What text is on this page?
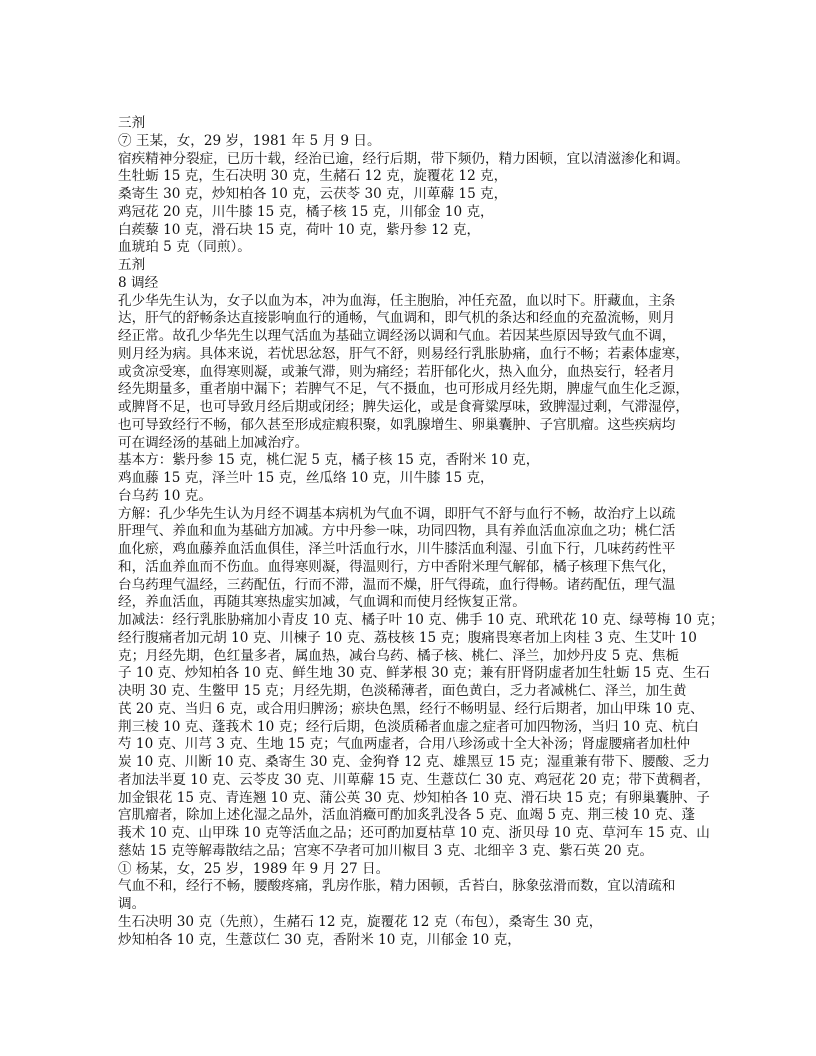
三剂
⑦ 王某，女，29 岁，1981 年 5 月 9 日。
宿疾精神分裂症，已历十载，经治已逾，经行后期，带下频仍，精力困顿，宜以清滋渗化和调。
生牡蛎 15 克，生石决明 30 克，生赭石 12 克，旋覆花 12 克，
桑寄生 30 克，炒知柏各 10 克，云茯苓 30 克，川萆薢 15 克，
鸡冠花 20 克，川牛膝 15 克，橘子核 15 克，川郁金 10 克，
白蒺藜 10 克，滑石块 15 克，荷叶 10 克，紫丹参 12 克，
血琥珀 5 克（同煎）。
五剂
8 调经
孔少华先生认为，女子以血为本，冲为血海，任主胞胎，冲任充盈，血以时下。肝藏血，主条
达，肝气的舒畅条达直接影响血行的通畅，气血调和，即气机的条达和经血的充盈流畅，则月
经正常。故孔少华先生以理气活血为基础立调经汤以调和气血。若因某些原因导致气血不调，
则月经为病。具体来说，若忧思忿怒，肝气不舒，则易经行乳胀胁痛，血行不畅；若素体虚寒，
或贪凉受寒，血得寒则凝，或兼气滞，则为痛经；若肝郁化火，热入血分，血热妄行，轻者月
经先期量多，重者崩中漏下；若脾气不足，气不摄血，也可形成月经先期，脾虚气血生化乏源，
或脾肾不足，也可导致月经后期或闭经；脾失运化，或是食膏粱厚味，致脾湿过剩，气滞湿停，
也可导致经行不畅，郁久甚至形成症瘕积聚，如乳腺增生、卵巢囊肿、子宫肌瘤。这些疾病均
可在调经汤的基础上加减治疗。
基本方：紫丹参 15 克，桃仁泥 5 克，橘子核 15 克，香附米 10 克，
鸡血藤 15 克，泽兰叶 15 克，丝瓜络 10 克，川牛膝 15 克，
台乌药 10 克。
方解：孔少华先生认为月经不调基本病机为气血不调，即肝气不舒与血行不畅，故治疗上以疏
肝理气、养血和血为基础方加减。方中丹参一味，功同四物，具有养血活血凉血之功；桃仁活
血化瘀，鸡血藤养血活血俱佳，泽兰叶活血行水，川牛膝活血利湿、引血下行，几味药药性平
和，活血养血而不伤血。血得寒则凝，得温则行，方中香附米理气解郁，橘子核理下焦气化，
台乌药理气温经，三药配伍，行而不滞，温而不燥，肝气得疏，血行得畅。诸药配伍，理气温
经，养血活血，再随其寒热虚实加减，气血调和而使月经恢复正常。
加减法：经行乳胀胁痛加小青皮 10 克、橘子叶 10 克、佛手 10 克、玳玳花 10 克、绿萼梅 10 克；
经行腹痛者加元胡 10 克、川楝子 10 克、荔枝核 15 克；腹痛畏寒者加上肉桂 3 克、生艾叶 10
克；月经先期，色红量多者，属血热，减台乌药、橘子核、桃仁、泽兰，加炒丹皮 5 克、焦栀
子 10 克、炒知柏各 10 克、鲜生地 30 克、鲜茅根 30 克；兼有肝肾阴虚者加生牡蛎 15 克、生石
决明 30 克、生鳖甲 15 克；月经先期，色淡稀薄者，面色黄白，乏力者减桃仁、泽兰，加生黄
芪 20 克、当归 6 克，或合用归脾汤；瘀块色黑，经行不畅明显、经行后期者，加山甲珠 10 克、
荆三棱 10 克、蓬莪术 10 克；经行后期，色淡质稀者血虚之症者可加四物汤，当归 10 克、杭白
芍 10 克、川芎 3 克、生地 15 克；气血两虚者，合用八珍汤或十全大补汤；肾虚腰痛者加杜仲
炭 10 克、川断 10 克、桑寄生 30 克、金狗脊 12 克、雄黑豆 15 克；湿重兼有带下、腰酸、乏力
者加法半夏 10 克、云苓皮 30 克、川萆薢 15 克、生薏苡仁 30 克、鸡冠花 20 克；带下黄稠者，
加金银花 15 克、青连翘 10 克、蒲公英 30 克、炒知柏各 10 克、滑石块 15 克；有卵巢囊肿、子
宫肌瘤者，除加上述化湿之品外，活血消癥可酌加炙乳没各 5 克、血竭 5 克、荆三棱 10 克、蓬
莪术 10 克、山甲珠 10 克等活血之品；还可酌加夏枯草 10 克、浙贝母 10 克、草河车 15 克、山
慈姑 15 克等解毒散结之品；宫寒不孕者可加川椒目 3 克、北细辛 3 克、紫石英 20 克。
① 杨某，女，25 岁，1989 年 9 月 27 日。
气血不和，经行不畅，腰酸疼痛，乳房作胀，精力困顿，舌苔白，脉象弦滑而数，宜以清疏和
调。
生石决明 30 克（先煎），生赭石 12 克，旋覆花 12 克（布包），桑寄生 30 克，
炒知柏各 10 克，生薏苡仁 30 克，香附米 10 克，川郁金 10 克，
